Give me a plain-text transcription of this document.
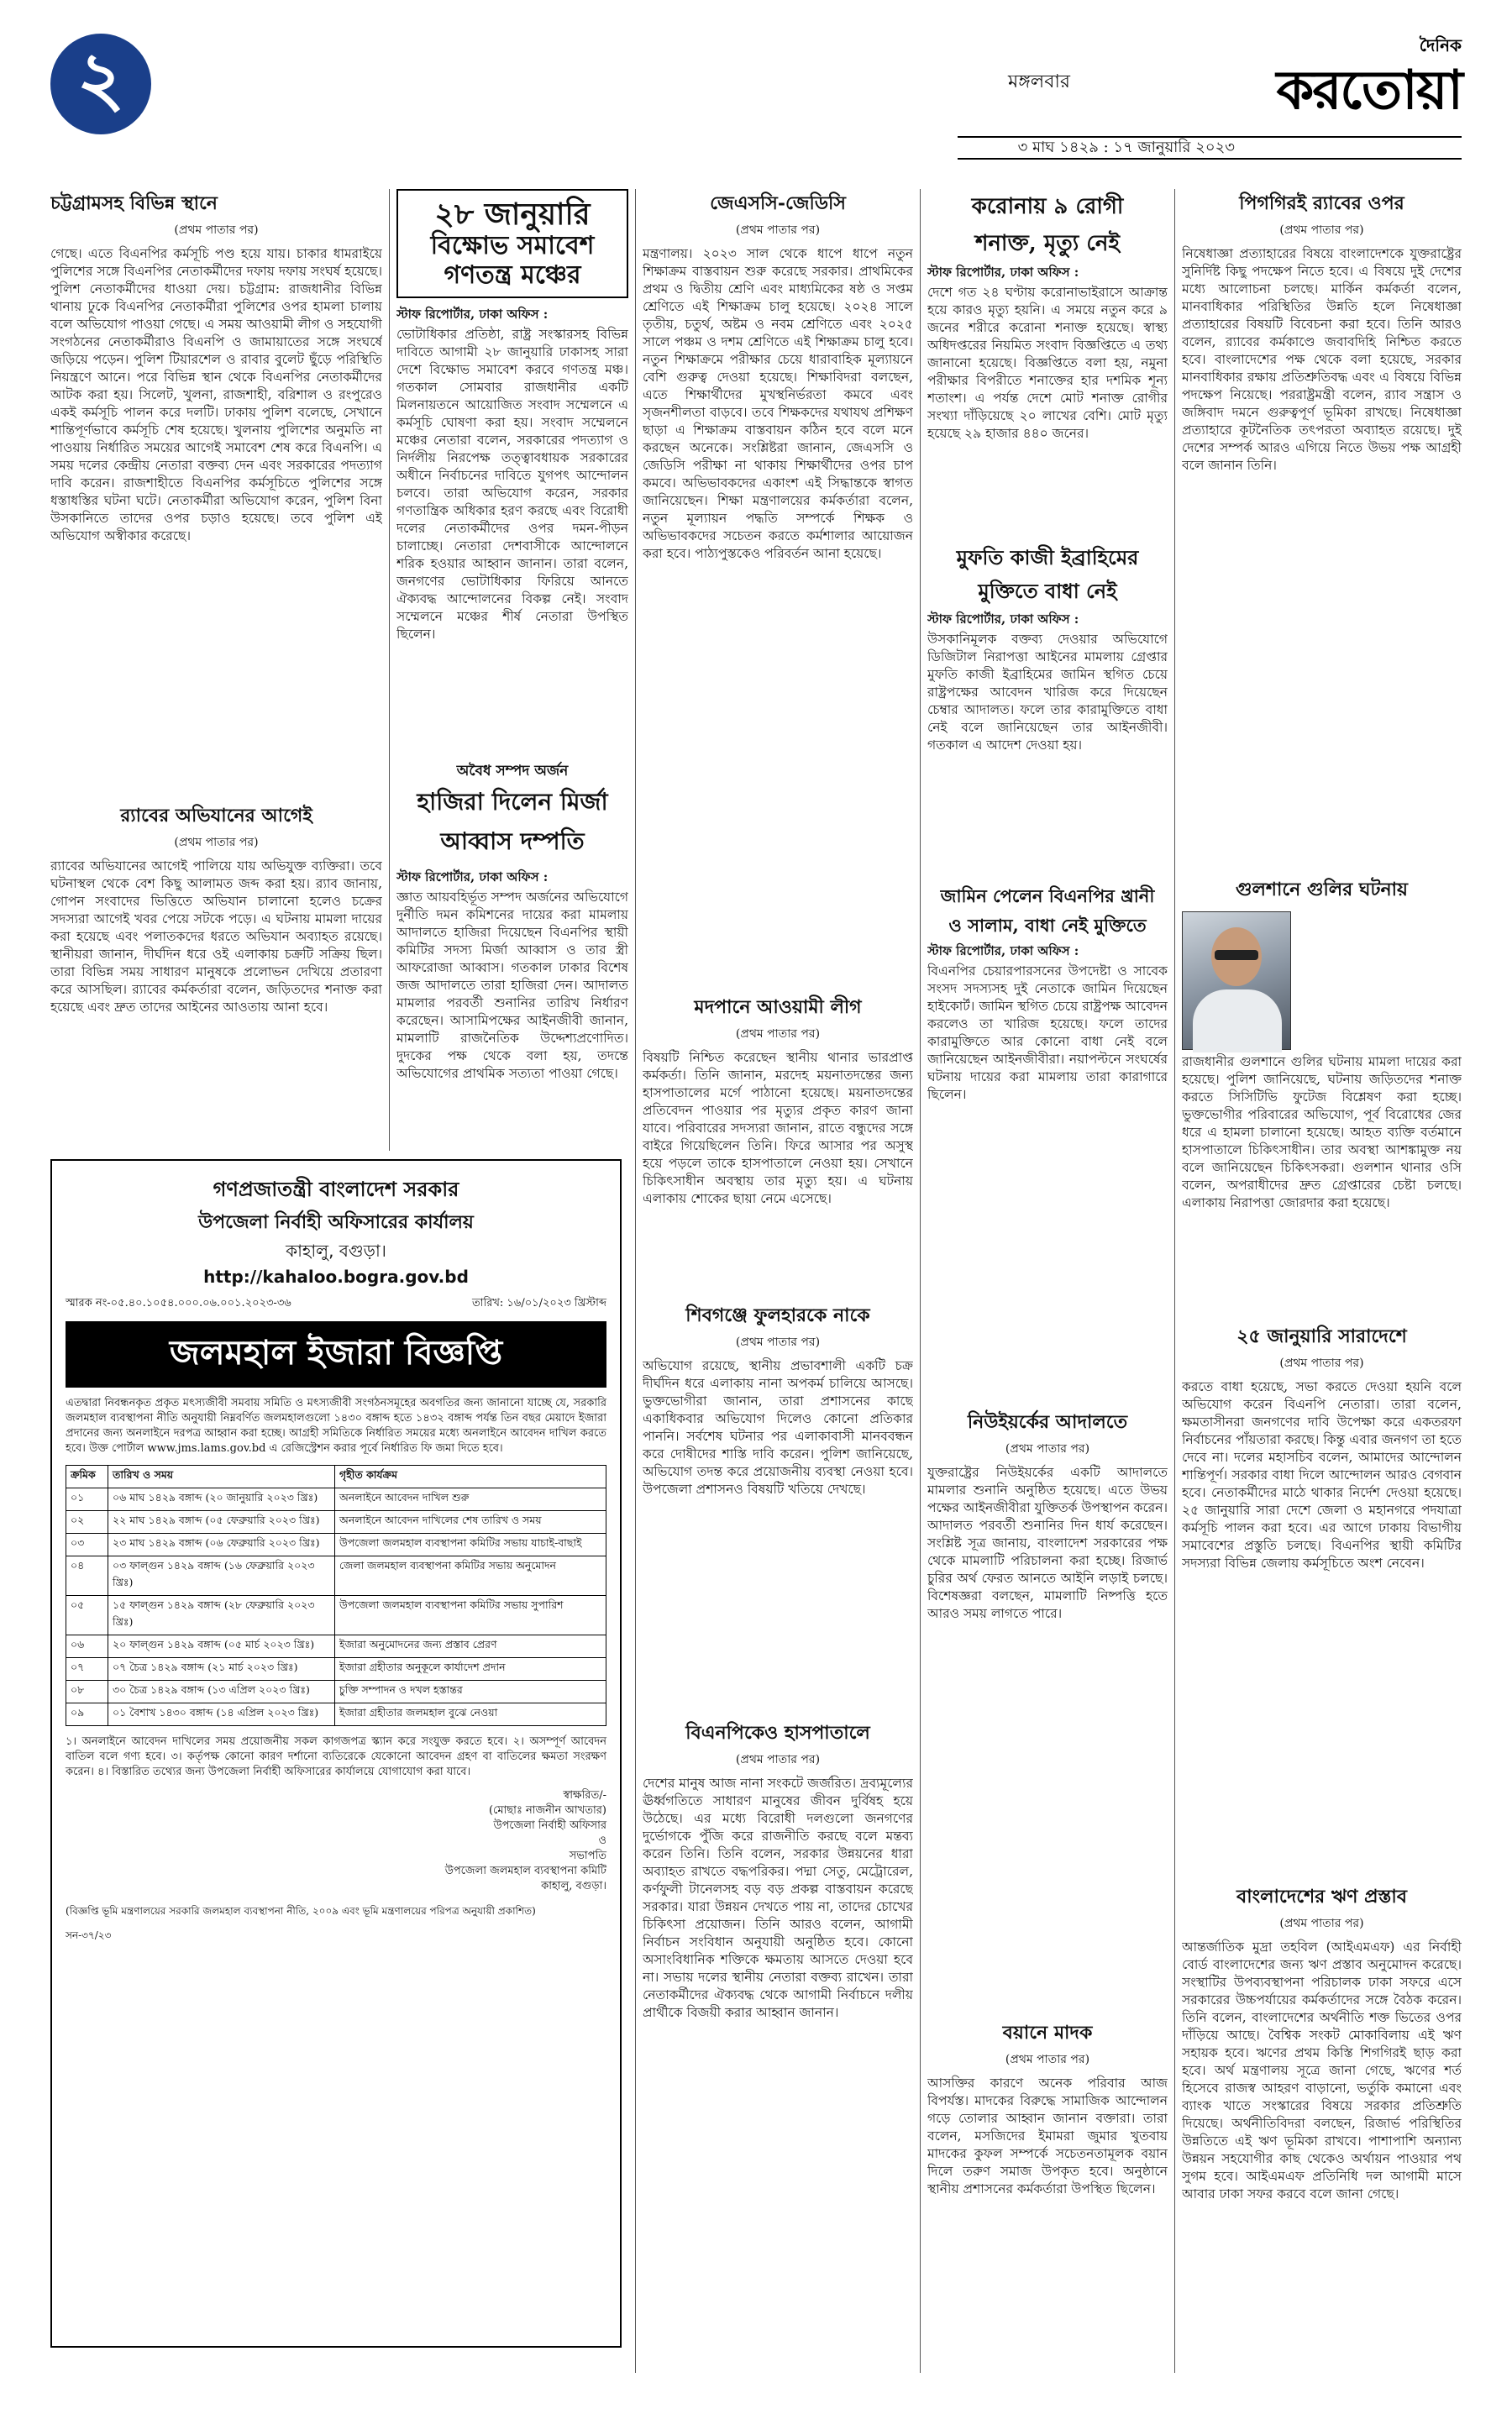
২	মঙ্গলবার
দৈনিক
করতোয়া
৩ মাঘ ১৪২৯ : ১৭ জানুয়ারি ২০২৩
চট্টগ্রামসহ বিভিন্ন স্থানে
(প্রথম পাতার পর)
গেছে। এতে বিএনপির কর্মসূচি পণ্ড হয়ে যায়। চাকার ধামরাইয়ে পুলিশের সঙ্গে বিএনপির নেতাকর্মীদের দফায় দফায় সংঘর্ষ হয়েছে। পুলিশ নেতাকর্মীদের ধাওয়া দেয়। চট্টগ্রাম: রাজধানীর বিভিন্ন থানায় ঢুকে বিএনপির নেতাকর্মীরা পুলিশের ওপর হামলা চালায় বলে অভিযোগ পাওয়া গেছে। এ সময় আওয়ামী লীগ ও সহযোগী সংগঠনের নেতাকর্মীরাও বিএনপি ও জামায়াতের সঙ্গে সংঘর্ষে জড়িয়ে পড়েন। পুলিশ টিয়ারশেল ও রাবার বুলেট ছুঁড়ে পরিস্থিতি নিয়ন্ত্রণে আনে। পরে বিভিন্ন স্থান থেকে বিএনপির নেতাকর্মীদের আটক করা হয়। সিলেট, খুলনা, রাজশাহী, বরিশাল ও রংপুরেও একই কর্মসূচি পালন করে দলটি। ঢাকায় পুলিশ বলেছে, সেখানে শান্তিপূর্ণভাবে কর্মসূচি শেষ হয়েছে। খুলনায় পুলিশের অনুমতি না পাওয়ায় নির্ধারিত সময়ের আগেই সমাবেশ শেষ করে বিএনপি। এ সময় দলের কেন্দ্রীয় নেতারা বক্তব্য দেন এবং সরকারের পদত্যাগ দাবি করেন। রাজশাহীতে বিএনপির কর্মসূচিতে পুলিশের সঙ্গে ধস্তাধস্তির ঘটনা ঘটে। নেতাকর্মীরা অভিযোগ করেন, পুলিশ বিনা উসকানিতে তাদের ওপর চড়াও হয়েছে। তবে পুলিশ এই অভিযোগ অস্বীকার করেছে।
র‌্যাবের অভিযানের আগেই
(প্রথম পাতার পর)
র‌্যাবের অভিযানের আগেই পালিয়ে যায় অভিযুক্ত ব্যক্তিরা। তবে ঘটনাস্থল থেকে বেশ কিছু আলামত জব্দ করা হয়। র‌্যাব জানায়, গোপন সংবাদের ভিত্তিতে অভিযান চালানো হলেও চক্রের সদস্যরা আগেই খবর পেয়ে সটকে পড়ে। এ ঘটনায় মামলা দায়ের করা হয়েছে এবং পলাতকদের ধরতে অভিযান অব্যাহত রয়েছে। স্থানীয়রা জানান, দীর্ঘদিন ধরে ওই এলাকায় চক্রটি সক্রিয় ছিল। তারা বিভিন্ন সময় সাধারণ মানুষকে প্রলোভন দেখিয়ে প্রতারণা করে আসছিল। র‌্যাবের কর্মকর্তারা বলেন, জড়িতদের শনাক্ত করা হয়েছে এবং দ্রুত তাদের আইনের আওতায় আনা হবে।
২৮ জানুয়ারি
বিক্ষোভ সমাবেশ
গণতন্ত্র মঞ্চের
স্টাফ রিপোর্টার, ঢাকা অফিস :
ভোটাধিকার প্রতিষ্ঠা, রাষ্ট্র সংস্কারসহ বিভিন্ন দাবিতে আগামী ২৮ জানুয়ারি ঢাকাসহ সারা দেশে বিক্ষোভ সমাবেশ করবে গণতন্ত্র মঞ্চ। গতকাল সোমবার রাজধানীর একটি মিলনায়তনে আয়োজিত সংবাদ সম্মেলনে এ কর্মসূচি ঘোষণা করা হয়। সংবাদ সম্মেলনে মঞ্চের নেতারা বলেন, সরকারের পদত্যাগ ও নির্দলীয় নিরপেক্ষ তত্ত্বাবধায়ক সরকারের অধীনে নির্বাচনের দাবিতে যুগপৎ আন্দোলন চলবে। তারা অভিযোগ করেন, সরকার গণতান্ত্রিক অধিকার হরণ করছে এবং বিরোধী দলের নেতাকর্মীদের ওপর দমন-পীড়ন চালাচ্ছে। নেতারা দেশবাসীকে আন্দোলনে শরিক হওয়ার আহ্বান জানান। তারা বলেন, জনগণের ভোটাধিকার ফিরিয়ে আনতে ঐক্যবদ্ধ আন্দোলনের বিকল্প নেই। সংবাদ সম্মেলনে মঞ্চের শীর্ষ নেতারা উপস্থিত ছিলেন।
অবৈধ সম্পদ অর্জন
হাজিরা দিলেন মির্জা
আব্বাস দম্পতি
স্টাফ রিপোর্টার, ঢাকা অফিস :
জ্ঞাত আয়বহির্ভূত সম্পদ অর্জনের অভিযোগে দুর্নীতি দমন কমিশনের দায়ের করা মামলায় আদালতে হাজিরা দিয়েছেন বিএনপির স্থায়ী কমিটির সদস্য মির্জা আব্বাস ও তার স্ত্রী আফরোজা আব্বাস। গতকাল ঢাকার বিশেষ জজ আদালতে তারা হাজিরা দেন। আদালত মামলার পরবর্তী শুনানির তারিখ নির্ধারণ করেছেন। আসামিপক্ষের আইনজীবী জানান, মামলাটি রাজনৈতিক উদ্দেশ্যপ্রণোদিত। দুদকের পক্ষ থেকে বলা হয়, তদন্তে অভিযোগের প্রাথমিক সত্যতা পাওয়া গেছে।
গণপ্রজাতন্ত্রী বাংলাদেশ সরকার
উপজেলা নির্বাহী অফিসারের কার্যালয়
কাহালু, বগুড়া।
http://kahaloo.bogra.gov.bd
স্মারক নং-০৫.৪০.১০৫৪.০০০.০৬.০০১.২০২৩-৩৬	তারিখ: ১৬/০১/২০২৩ খ্রিস্টাব্দ
জলমহাল ইজারা বিজ্ঞপ্তি
এতদ্বারা নিবন্ধনকৃত প্রকৃত মৎস্যজীবী সমবায় সমিতি ও মৎস্যজীবী সংগঠনসমূহের অবগতির জন্য জানানো যাচ্ছে যে, সরকারি জলমহাল ব্যবস্থাপনা নীতি অনুযায়ী নিম্নবর্ণিত জলমহালগুলো ১৪৩০ বঙ্গাব্দ হতে ১৪৩২ বঙ্গাব্দ পর্যন্ত তিন বছর মেয়াদে ইজারা প্রদানের জন্য অনলাইনে দরপত্র আহ্বান করা হচ্ছে। আগ্রহী সমিতিকে নির্ধারিত সময়ের মধ্যে অনলাইনে আবেদন দাখিল করতে হবে। উক্ত পোর্টাল www.jms.lams.gov.bd এ রেজিস্ট্রেশন করার পূর্বে নির্ধারিত ফি জমা দিতে হবে।
ক্রমিক	তারিখ ও সময়	গৃহীত কার্যক্রম
০১	০৬ মাঘ ১৪২৯ বঙ্গাব্দ (২০ জানুয়ারি ২০২৩ খ্রিঃ)	অনলাইনে আবেদন দাখিল শুরু
০২	২২ মাঘ ১৪২৯ বঙ্গাব্দ (০৫ ফেব্রুয়ারি ২০২৩ খ্রিঃ)	অনলাইনে আবেদন দাখিলের শেষ তারিখ ও সময়
০৩	২৩ মাঘ ১৪২৯ বঙ্গাব্দ (০৬ ফেব্রুয়ারি ২০২৩ খ্রিঃ)	উপজেলা জলমহাল ব্যবস্থাপনা কমিটির সভায় যাচাই-বাছাই
০৪	০৩ ফাল্গুন ১৪২৯ বঙ্গাব্দ (১৬ ফেব্রুয়ারি ২০২৩ খ্রিঃ)	জেলা জলমহাল ব্যবস্থাপনা কমিটির সভায় অনুমোদন
০৫	১৫ ফাল্গুন ১৪২৯ বঙ্গাব্দ (২৮ ফেব্রুয়ারি ২০২৩ খ্রিঃ)	উপজেলা জলমহাল ব্যবস্থাপনা কমিটির সভায় সুপারিশ
০৬	২০ ফাল্গুন ১৪২৯ বঙ্গাব্দ (০৫ মার্চ ২০২৩ খ্রিঃ)	ইজারা অনুমোদনের জন্য প্রস্তাব প্রেরণ
০৭	০৭ চৈত্র ১৪২৯ বঙ্গাব্দ (২১ মার্চ ২০২৩ খ্রিঃ)	ইজারা গ্রহীতার অনুকূলে কার্যাদেশ প্রদান
০৮	৩০ চৈত্র ১৪২৯ বঙ্গাব্দ (১৩ এপ্রিল ২০২৩ খ্রিঃ)	চুক্তি সম্পাদন ও দখল হস্তান্তর
০৯	০১ বৈশাখ ১৪৩০ বঙ্গাব্দ (১৪ এপ্রিল ২০২৩ খ্রিঃ)	ইজারা গ্রহীতার জলমহাল বুঝে নেওয়া
১। অনলাইনে আবেদন দাখিলের সময় প্রয়োজনীয় সকল কাগজপত্র স্ক্যান করে সংযুক্ত করতে হবে। ২। অসম্পূর্ণ আবেদন বাতিল বলে গণ্য হবে। ৩। কর্তৃপক্ষ কোনো কারণ দর্শানো ব্যতিরেকে যেকোনো আবেদন গ্রহণ বা বাতিলের ক্ষমতা সংরক্ষণ করেন। ৪। বিস্তারিত তথ্যের জন্য উপজেলা নির্বাহী অফিসারের কার্যালয়ে যোগাযোগ করা যাবে।
স্বাক্ষরিত/-
(মোছাঃ নাজনীন আখতার)
উপজেলা নির্বাহী অফিসার
ও
সভাপতি
উপজেলা জলমহাল ব্যবস্থাপনা কমিটি
কাহালু, বগুড়া।
(বিজ্ঞপ্তি ভূমি মন্ত্রণালয়ের সরকারি জলমহাল ব্যবস্থাপনা নীতি, ২০০৯ এবং ভূমি মন্ত্রণালয়ের পরিপত্র অনুযায়ী প্রকাশিত)
সন-৩৭/২৩
জেএসসি-জেডিসি
(প্রথম পাতার পর)
মন্ত্রণালয়। ২০২৩ সাল থেকে ধাপে ধাপে নতুন শিক্ষাক্রম বাস্তবায়ন শুরু করেছে সরকার। প্রাথমিকের প্রথম ও দ্বিতীয় শ্রেণি এবং মাধ্যমিকের ষষ্ঠ ও সপ্তম শ্রেণিতে এই শিক্ষাক্রম চালু হয়েছে। ২০২৪ সালে তৃতীয়, চতুর্থ, অষ্টম ও নবম শ্রেণিতে এবং ২০২৫ সালে পঞ্চম ও দশম শ্রেণিতে এই শিক্ষাক্রম চালু হবে। নতুন শিক্ষাক্রমে পরীক্ষার চেয়ে ধারাবাহিক মূল্যায়নে বেশি গুরুত্ব দেওয়া হয়েছে। শিক্ষাবিদরা বলছেন, এতে শিক্ষার্থীদের মুখস্থনির্ভরতা কমবে এবং সৃজনশীলতা বাড়বে। তবে শিক্ষকদের যথাযথ প্রশিক্ষণ ছাড়া এ শিক্ষাক্রম বাস্তবায়ন কঠিন হবে বলে মনে করছেন অনেকে। সংশ্লিষ্টরা জানান, জেএসসি ও জেডিসি পরীক্ষা না থাকায় শিক্ষার্থীদের ওপর চাপ কমবে। অভিভাবকদের একাংশ এই সিদ্ধান্তকে স্বাগত জানিয়েছেন। শিক্ষা মন্ত্রণালয়ের কর্মকর্তারা বলেন, নতুন মূল্যায়ন পদ্ধতি সম্পর্কে শিক্ষক ও অভিভাবকদের সচেতন করতে কর্মশালার আয়োজন করা হবে। পাঠ্যপুস্তকেও পরিবর্তন আনা হয়েছে।
মদপানে আওয়ামী লীগ
(প্রথম পাতার পর)
বিষয়টি নিশ্চিত করেছেন স্থানীয় থানার ভারপ্রাপ্ত কর্মকর্তা। তিনি জানান, মরদেহ ময়নাতদন্তের জন্য হাসপাতালের মর্গে পাঠানো হয়েছে। ময়নাতদন্তের প্রতিবেদন পাওয়ার পর মৃত্যুর প্রকৃত কারণ জানা যাবে। পরিবারের সদস্যরা জানান, রাতে বন্ধুদের সঙ্গে বাইরে গিয়েছিলেন তিনি। ফিরে আসার পর অসুস্থ হয়ে পড়লে তাকে হাসপাতালে নেওয়া হয়। সেখানে চিকিৎসাধীন অবস্থায় তার মৃত্যু হয়। এ ঘটনায় এলাকায় শোকের ছায়া নেমে এসেছে।
শিবগঞ্জে ফুলহারকে নাকে
(প্রথম পাতার পর)
অভিযোগ রয়েছে, স্থানীয় প্রভাবশালী একটি চক্র দীর্ঘদিন ধরে এলাকায় নানা অপকর্ম চালিয়ে আসছে। ভুক্তভোগীরা জানান, তারা প্রশাসনের কাছে একাধিকবার অভিযোগ দিলেও কোনো প্রতিকার পাননি। সর্বশেষ ঘটনার পর এলাকাবাসী মানববন্ধন করে দোষীদের শাস্তি দাবি করেন। পুলিশ জানিয়েছে, অভিযোগ তদন্ত করে প্রয়োজনীয় ব্যবস্থা নেওয়া হবে। উপজেলা প্রশাসনও বিষয়টি খতিয়ে দেখছে।
বিএনপিকেও হাসপাতালে
(প্রথম পাতার পর)
দেশের মানুষ আজ নানা সংকটে জর্জরিত। দ্রব্যমূল্যের ঊর্ধ্বগতিতে সাধারণ মানুষের জীবন দুর্বিষহ হয়ে উঠেছে। এর মধ্যে বিরোধী দলগুলো জনগণের দুর্ভোগকে পুঁজি করে রাজনীতি করছে বলে মন্তব্য করেন তিনি। তিনি বলেন, সরকার উন্নয়নের ধারা অব্যাহত রাখতে বদ্ধপরিকর। পদ্মা সেতু, মেট্রোরেল, কর্ণফুলী টানেলসহ বড় বড় প্রকল্প বাস্তবায়ন করেছে সরকার। যারা উন্নয়ন দেখতে পায় না, তাদের চোখের চিকিৎসা প্রয়োজন। তিনি আরও বলেন, আগামী নির্বাচন সংবিধান অনুযায়ী অনুষ্ঠিত হবে। কোনো অসাংবিধানিক শক্তিকে ক্ষমতায় আসতে দেওয়া হবে না। সভায় দলের স্থানীয় নেতারা বক্তব্য রাখেন। তারা নেতাকর্মীদের ঐক্যবদ্ধ থেকে আগামী নির্বাচনে দলীয় প্রার্থীকে বিজয়ী করার আহ্বান জানান।
করোনায় ৯ রোগী
শনাক্ত, মৃত্যু নেই
স্টাফ রিপোর্টার, ঢাকা অফিস :
দেশে গত ২৪ ঘণ্টায় করোনাভাইরাসে আক্রান্ত হয়ে কারও মৃত্যু হয়নি। এ সময়ে নতুন করে ৯ জনের শরীরে করোনা শনাক্ত হয়েছে। স্বাস্থ্য অধিদপ্তরের নিয়মিত সংবাদ বিজ্ঞপ্তিতে এ তথ্য জানানো হয়েছে। বিজ্ঞপ্তিতে বলা হয়, নমুনা পরীক্ষার বিপরীতে শনাক্তের হার দশমিক শূন্য শতাংশ। এ পর্যন্ত দেশে মোট শনাক্ত রোগীর সংখ্যা দাঁড়িয়েছে ২০ লাখের বেশি। মোট মৃত্যু হয়েছে ২৯ হাজার ৪৪০ জনের।
মুফতি কাজী ইব্রাহিমের
মুক্তিতে বাধা নেই
স্টাফ রিপোর্টার, ঢাকা অফিস :
উসকানিমূলক বক্তব্য দেওয়ার অভিযোগে ডিজিটাল নিরাপত্তা আইনের মামলায় গ্রেপ্তার মুফতি কাজী ইব্রাহিমের জামিন স্থগিত চেয়ে রাষ্ট্রপক্ষের আবেদন খারিজ করে দিয়েছেন চেম্বার আদালত। ফলে তার কারামুক্তিতে বাধা নেই বলে জানিয়েছেন তার আইনজীবী। গতকাল এ আদেশ দেওয়া হয়।
জামিন পেলেন বিএনপির খ্রানী
ও সালাম, বাধা নেই মুক্তিতে
স্টাফ রিপোর্টার, ঢাকা অফিস :
বিএনপির চেয়ারপারসনের উপদেষ্টা ও সাবেক সংসদ সদস্যসহ দুই নেতাকে জামিন দিয়েছেন হাইকোর্ট। জামিন স্থগিত চেয়ে রাষ্ট্রপক্ষ আবেদন করলেও তা খারিজ হয়েছে। ফলে তাদের কারামুক্তিতে আর কোনো বাধা নেই বলে জানিয়েছেন আইনজীবীরা। নয়াপল্টনে সংঘর্ষের ঘটনায় দায়ের করা মামলায় তারা কারাগারে ছিলেন।
নিউইয়র্কের আদালতে
(প্রথম পাতার পর)
যুক্তরাষ্ট্রের নিউইয়র্কের একটি আদালতে মামলার শুনানি অনুষ্ঠিত হয়েছে। এতে উভয় পক্ষের আইনজীবীরা যুক্তিতর্ক উপস্থাপন করেন। আদালত পরবর্তী শুনানির দিন ধার্য করেছেন। সংশ্লিষ্ট সূত্র জানায়, বাংলাদেশ সরকারের পক্ষ থেকে মামলাটি পরিচালনা করা হচ্ছে। রিজার্ভ চুরির অর্থ ফেরত আনতে আইনি লড়াই চলছে। বিশেষজ্ঞরা বলছেন, মামলাটি নিষ্পত্তি হতে আরও সময় লাগতে পারে।
বয়ানে মাদক
(প্রথম পাতার পর)
আসক্তির কারণে অনেক পরিবার আজ বিপর্যস্ত। মাদকের বিরুদ্ধে সামাজিক আন্দোলন গড়ে তোলার আহ্বান জানান বক্তারা। তারা বলেন, মসজিদের ইমামরা জুমার খুতবায় মাদকের কুফল সম্পর্কে সচেতনতামূলক বয়ান দিলে তরুণ সমাজ উপকৃত হবে। অনুষ্ঠানে স্থানীয় প্রশাসনের কর্মকর্তারা উপস্থিত ছিলেন।
পিগগিরই র‌্যাবের ওপর
(প্রথম পাতার পর)
নিষেধাজ্ঞা প্রত্যাহারের বিষয়ে বাংলাদেশকে যুক্তরাষ্ট্রের সুনির্দিষ্ট কিছু পদক্ষেপ নিতে হবে। এ বিষয়ে দুই দেশের মধ্যে আলোচনা চলছে। মার্কিন কর্মকর্তা বলেন, মানবাধিকার পরিস্থিতির উন্নতি হলে নিষেধাজ্ঞা প্রত্যাহারের বিষয়টি বিবেচনা করা হবে। তিনি আরও বলেন, র‌্যাবের কর্মকাণ্ডে জবাবদিহি নিশ্চিত করতে হবে। বাংলাদেশের পক্ষ থেকে বলা হয়েছে, সরকার মানবাধিকার রক্ষায় প্রতিশ্রুতিবদ্ধ এবং এ বিষয়ে বিভিন্ন পদক্ষেপ নিয়েছে। পররাষ্ট্রমন্ত্রী বলেন, র‌্যাব সন্ত্রাস ও জঙ্গিবাদ দমনে গুরুত্বপূর্ণ ভূমিকা রাখছে। নিষেধাজ্ঞা প্রত্যাহারে কূটনৈতিক তৎপরতা অব্যাহত রয়েছে। দুই দেশের সম্পর্ক আরও এগিয়ে নিতে উভয় পক্ষ আগ্রহী বলে জানান তিনি।
গুলশানে গুলির ঘটনায়
রাজধানীর গুলশানে গুলির ঘটনায় মামলা দায়ের করা হয়েছে। পুলিশ জানিয়েছে, ঘটনায় জড়িতদের শনাক্ত করতে সিসিটিভি ফুটেজ বিশ্লেষণ করা হচ্ছে। ভুক্তভোগীর পরিবারের অভিযোগ, পূর্ব বিরোধের জের ধরে এ হামলা চালানো হয়েছে। আহত ব্যক্তি বর্তমানে হাসপাতালে চিকিৎসাধীন। তার অবস্থা আশঙ্কামুক্ত নয় বলে জানিয়েছেন চিকিৎসকরা। গুলশান থানার ওসি বলেন, অপরাধীদের দ্রুত গ্রেপ্তারের চেষ্টা চলছে। এলাকায় নিরাপত্তা জোরদার করা হয়েছে।
২৫ জানুয়ারি সারাদেশে
(প্রথম পাতার পর)
করতে বাধা হয়েছে, সভা করতে দেওয়া হয়নি বলে অভিযোগ করেন বিএনপি নেতারা। তারা বলেন, ক্ষমতাসীনরা জনগণের দাবি উপেক্ষা করে একতরফা নির্বাচনের পাঁয়তারা করছে। কিন্তু এবার জনগণ তা হতে দেবে না। দলের মহাসচিব বলেন, আমাদের আন্দোলন শান্তিপূর্ণ। সরকার বাধা দিলে আন্দোলন আরও বেগবান হবে। নেতাকর্মীদের মাঠে থাকার নির্দেশ দেওয়া হয়েছে। ২৫ জানুয়ারি সারা দেশে জেলা ও মহানগরে পদযাত্রা কর্মসূচি পালন করা হবে। এর আগে ঢাকায় বিভাগীয় সমাবেশের প্রস্তুতি চলছে। বিএনপির স্থায়ী কমিটির সদস্যরা বিভিন্ন জেলায় কর্মসূচিতে অংশ নেবেন।
বাংলাদেশের ঋণ প্রস্তাব
(প্রথম পাতার পর)
আন্তর্জাতিক মুদ্রা তহবিল (আইএমএফ) এর নির্বাহী বোর্ড বাংলাদেশের জন্য ঋণ প্রস্তাব অনুমোদন করেছে। সংস্থাটির উপব্যবস্থাপনা পরিচালক ঢাকা সফরে এসে সরকারের উচ্চপর্যায়ের কর্মকর্তাদের সঙ্গে বৈঠক করেন। তিনি বলেন, বাংলাদেশের অর্থনীতি শক্ত ভিতের ওপর দাঁড়িয়ে আছে। বৈশ্বিক সংকট মোকাবিলায় এই ঋণ সহায়ক হবে। ঋণের প্রথম কিস্তি শিগগিরই ছাড় করা হবে। অর্থ মন্ত্রণালয় সূত্রে জানা গেছে, ঋণের শর্ত হিসেবে রাজস্ব আহরণ বাড়ানো, ভর্তুকি কমানো এবং ব্যাংক খাতে সংস্কারের বিষয়ে সরকার প্রতিশ্রুতি দিয়েছে। অর্থনীতিবিদরা বলছেন, রিজার্ভ পরিস্থিতির উন্নতিতে এই ঋণ ভূমিকা রাখবে। পাশাপাশি অন্যান্য উন্নয়ন সহযোগীর কাছ থেকেও অর্থায়ন পাওয়ার পথ সুগম হবে। আইএমএফ প্রতিনিধি দল আগামী মাসে আবার ঢাকা সফর করবে বলে জানা গেছে।
